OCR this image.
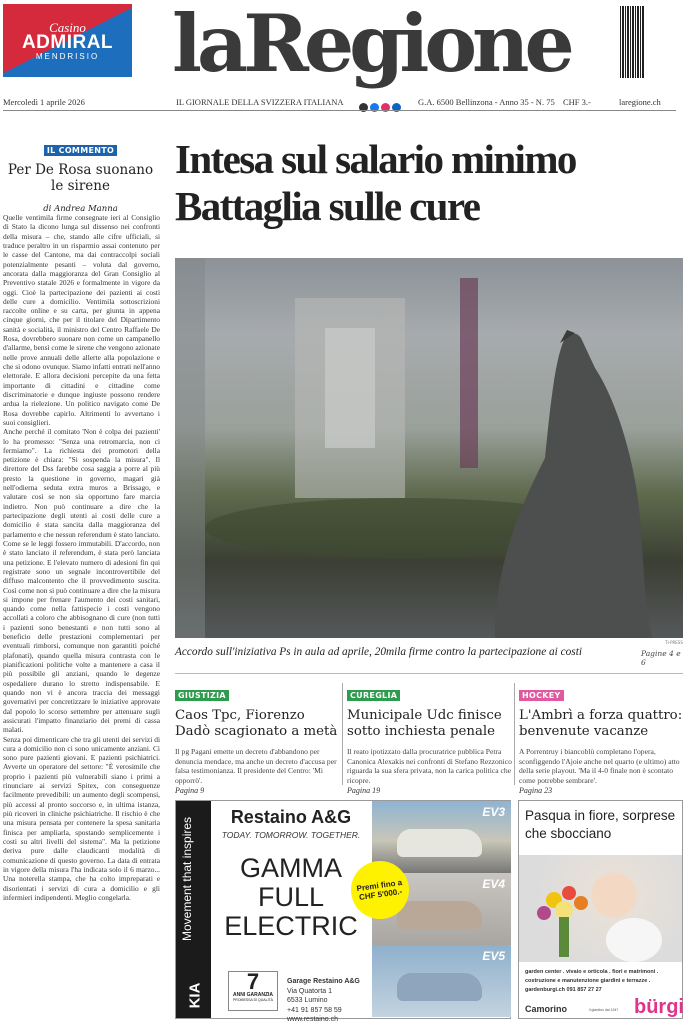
Casino
ADMIRAL
MENDRISIO laRegione
Mercoledì 1 aprile 2026	IL GIORNALE DELLA SVIZZERA ITALIANA	G.A. 6500 Bellinzona - Anno 35 - N. 75 CHF 3.-	laregione.ch
IL COMMENTO
Per De Rosa suonano le sirene
di Andrea Manna

Quelle ventimila firme consegnate ieri al Consiglio di Stato la dicono lunga sul dissenso nei confronti della misura – che, stando alle cifre ufficiali, si traduce peraltro in un risparmio assai contenuto per le casse del Cantone, ma dai contraccolpi sociali potenzialmente pesanti – voluta dal governo, ancorata dalla maggioranza del Gran Consiglio al Preventivo statale 2026 e formalmente in vigore da oggi. Cioè la partecipazione dei pazienti ai costi delle cure a domicilio. Ventimila sottoscrizioni raccolte online e su carta, per giunta in appena cinque giorni, che per il titolare del Dipartimento sanità e socialità, il ministro del Centro Raffaele De Rosa, dovrebbero suonare non come un campanello d'allarme, bensì come le sirene che vengono azionate nelle prove annuali delle allerte alla popolazione e che si odono ovunque. Siamo infatti entrati nell'anno elettorale. E allora decisioni percepite da una fetta importante di cittadini e cittadine come discriminatorie e dunque ingiuste possono rendere ardua la rielezione. Un politico navigato come De Rosa dovrebbe capirlo. Altrimenti lo avvertano i suoi consiglieri.

Anche perché il comitato 'Non è colpa dei pazienti' lo ha promesso: "Senza una retromarcia, non ci fermiamo". La richiesta dei promotori della petizione è chiara: "Si sospenda la misura". Il direttore del Dss farebbe cosa saggia a porre al più presto la questione in governo, magari già nell'odierna seduta extra muros a Brissago, e valutare così se non sia opportuno fare marcia indietro. Non può continuare a dire che la partecipazione degli utenti ai costi delle cure a domicilio è stata sancita dalla maggioranza del parlamento e che nessun referendum è stato lanciato. Come se le leggi fossero immutabili. D'accordo, non è stato lanciato il referendum, è stata però lanciata una petizione. E l'elevato numero di adesioni fin qui registrate sono un segnale incontrovertibile del diffuso malcontento che il provvedimento suscita. Così come non si può continuare a dire che la misura si impone per frenare l'aumento dei costi sanitari, quando come nella fattispecie i costi vengono accollati a coloro che abbisognano di cure (non tutti i pazienti sono benestanti e non tutti sono al beneficio delle prestazioni complementari per eventuali rimborsi, comunque non garantiti poiché plafonati), quando quella misura contrasta con le pianificazioni politiche volte a mantenere a casa il più possibile gli anziani, quando le degenze ospedaliere durano lo stretto indispensabile. E quando non vi è ancora traccia dei messaggi governativi per concretizzare le iniziative approvate dal popolo lo scorso settembre per attenuare sugli assicurati l'impatto finanziario dei premi di cassa malati.

Senza poi dimenticare che tra gli utenti dei servizi di cura a domicilio non ci sono unicamente anziani. Ci sono pure pazienti giovani. E pazienti psichiatrici. Avverte un operatore del settore: "È verosimile che proprio i pazienti più vulnerabili siano i primi a rinunciare ai servizi Spitex, con conseguenze facilmente prevedibili: un aumento degli scompensi, più accessi al pronto soccorso e, in ultima istanza, più ricoveri in cliniche psichiatriche. Il rischio è che una misura pensata per contenere la spesa sanitaria finisca per ampliarla, spostando semplicemente i costi su altri livelli del sistema". Ma la petizione deriva pure dalle claudicanti modalità di comunicazione di questo governo. La data di entrata in vigore della misura l'ha indicata solo il 6 marzo... Una noterella stampa, che ha colto impreparati e disorientati i servizi di cura a domicilio e gli infermieri indipendenti. Meglio congelarla.

Intesa sul salario minimo
Battaglia sulle cure
TI-PRESS
Accordo sull'iniziativa Ps in aula ad aprile, 20mila firme contro la partecipazione ai costi	Pagine 4 e 6
GIUSTIZIA
Caos Tpc, Fiorenzo Dadò scagionato a metà

Il pg Pagani emette un decreto d'abbandono per denuncia mendace, ma anche un decreto d'accusa per falsa testimonianza. Il presidente del Centro: 'Mi opporrò'.
Pagina 9

CUREGLIA
Municipale Udc finisce sotto inchiesta penale

Il reato ipotizzato dalla procuratrice pubblica Petra Canonica Alexakis nei confronti di Stefano Rezzonico riguarda la sua sfera privata, non la carica politica che ricopre.
Pagina 19

HOCKEY
L'Ambrì a forza quattro: benvenute vacanze

A Porrentruy i biancoblù completano l'opera, sconfiggendo l'Ajoie anche nel quarto (e ultimo) atto della serie playout. 'Ma il 4-0 finale non è scontato come potrebbe sembrare'.
Pagina 23

Movement that inspires
KIA
Restaino A&G
TODAY. TOMORROW. TOGETHER.
GAMMA
FULL
ELECTRIC
7
ANNI GARANZIA
PROMESSA DI QUALITÀ
Garage Restaino A&G
Via Quatorta 1
6533 Lumino
+41 91 857 58 59
www.restaino.ch
EV3
EV4
EV5
Premi fino a CHF 5'000.-
Pasqua in fiore, sorprese che sbocciano
garden center . vivaio e orticola . fiori e matrimoni .
costruzione e manutenzione giardini e terrazze .
gardenburgi.ch 091 857 27 27
Camorino	il giardino dal 1947 bürgi
